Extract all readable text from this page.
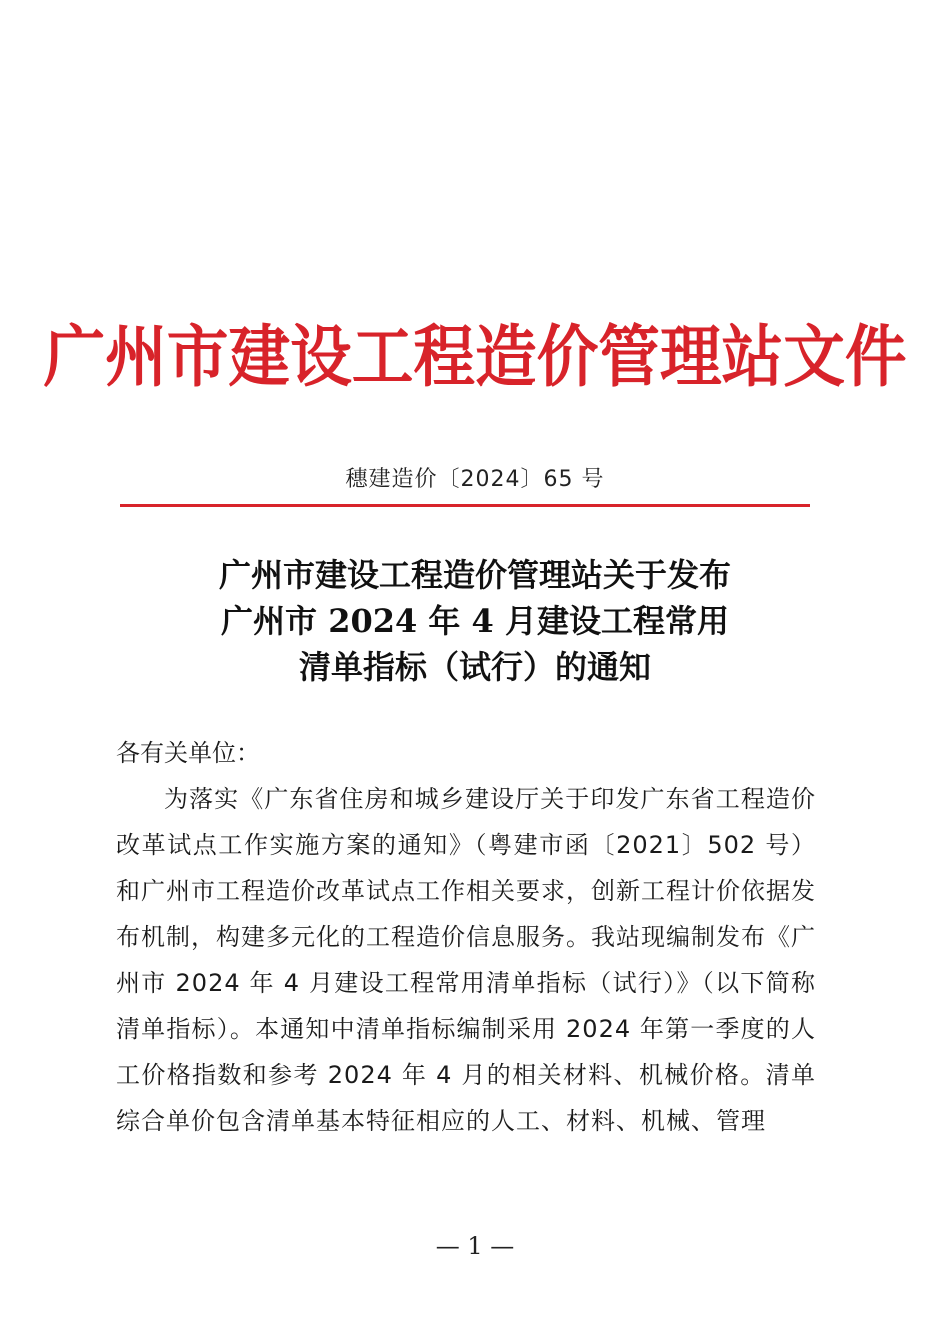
广州市建设工程造价管理站文件
穗建造价〔2024〕65 号
广州市建设工程造价管理站关于发布
广州市 2024 年 4 月建设工程常用
清单指标（试行）的通知

各有关单位：

为落实《广东省住房和城乡建设厅关于印发广东省工程造价改革试点工作实施方案的通知》（粤建市函〔2021〕502 号）和广州市工程造价改革试点工作相关要求，创新工程计价依据发布机制，构建多元化的工程造价信息服务。我站现编制发布《广州市 2024 年 4 月建设工程常用清单指标（试行）》（以下简称清单指标）。本通知中清单指标编制采用 2024 年第一季度的人工价格指数和参考 2024 年 4 月的相关材料、机械价格。清单综合单价包含清单基本特征相应的人工、材料、机械、管理

— 1 —
